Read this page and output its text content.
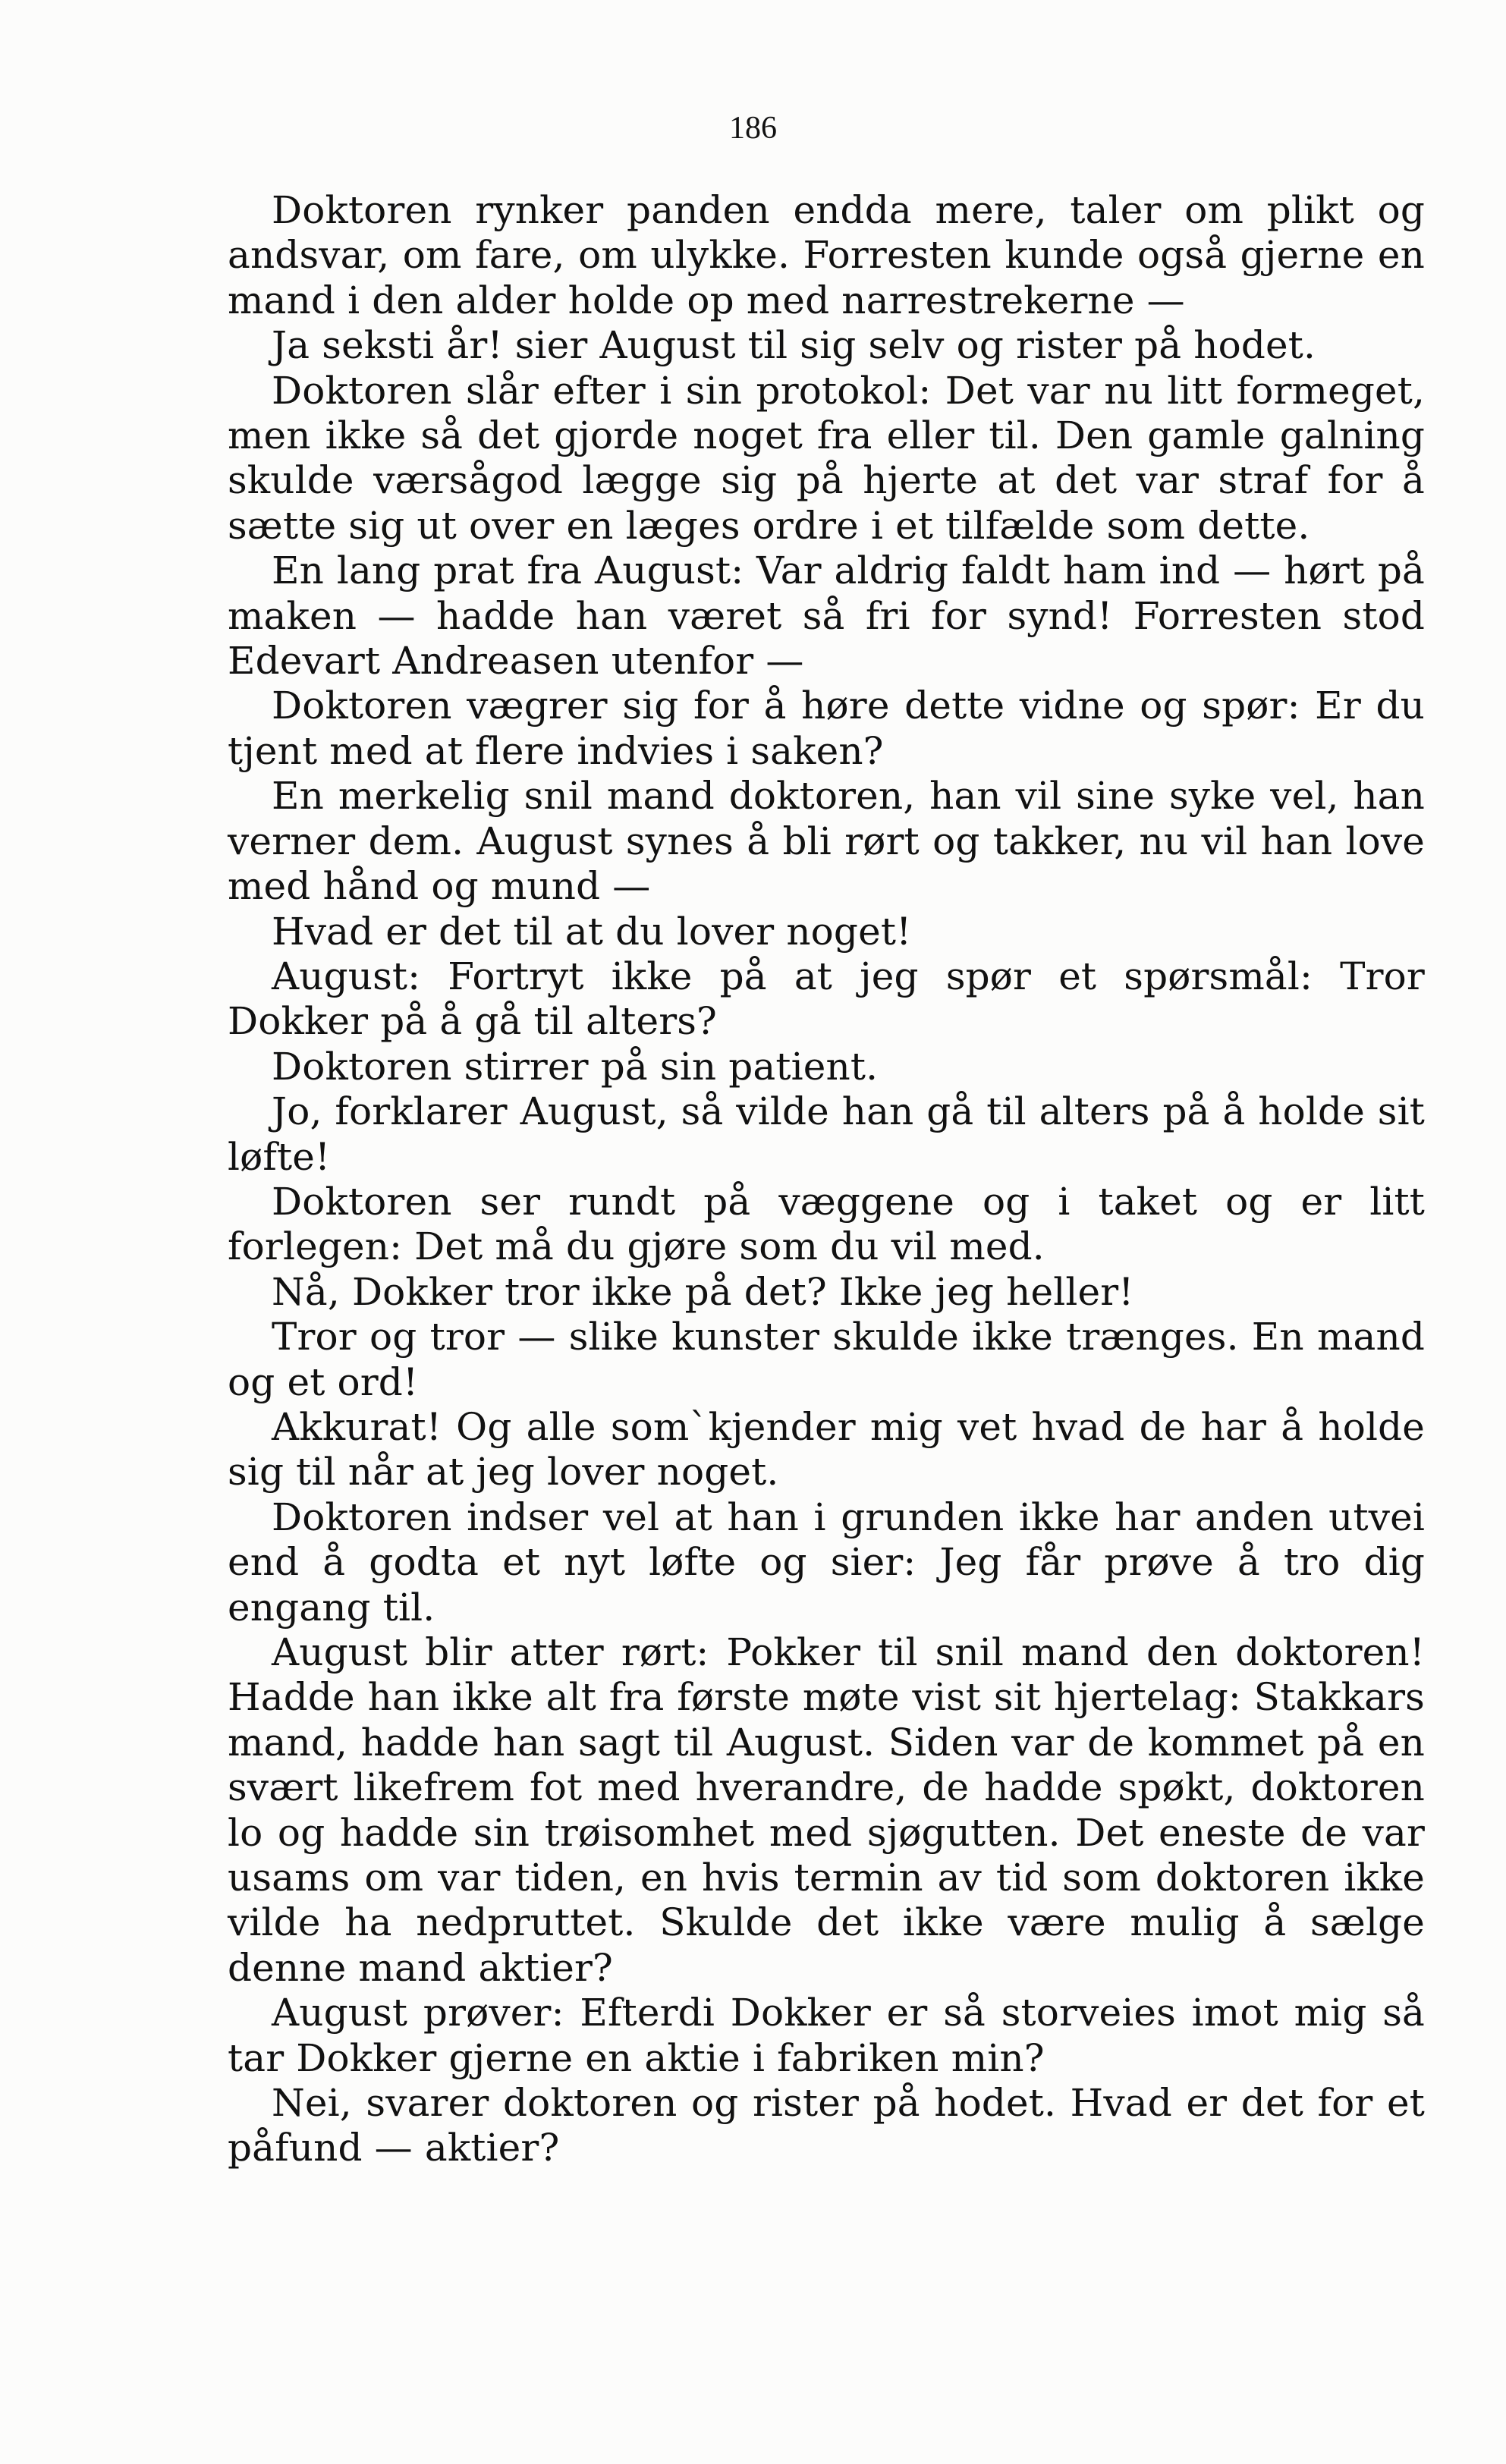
186

Doktoren rynker panden endda mere, taler om plikt og andsvar, om fare, om ulykke. Forresten kunde også gjerne en mand i den alder holde op med narrestrekerne —

Ja seksti år! sier August til sig selv og rister på hodet.

Doktoren slår efter i sin protokol: Det var nu litt formeget, men ikke så det gjorde noget fra eller til. Den gamle galning skulde værsågod lægge sig på hjerte at det var straf for å sætte sig ut over en læges ordre i et tilfælde som dette.

En lang prat fra August: Var aldrig faldt ham ind — hørt på maken — hadde han været så fri for synd! Forresten stod Edevart Andreasen utenfor —

Doktoren vægrer sig for å høre dette vidne og spør: Er du tjent med at flere indvies i saken?

En merkelig snil mand doktoren, han vil sine syke vel, han verner dem. August synes å bli rørt og takker, nu vil han love med hånd og mund —

Hvad er det til at du lover noget!

August: Fortryt ikke på at jeg spør et spørsmål: Tror Dokker på å gå til alters?

Doktoren stirrer på sin patient.

Jo, forklarer August, så vilde han gå til alters på å holde sit løfte!

Doktoren ser rundt på væggene og i taket og er litt forlegen: Det må du gjøre som du vil med.

Nå, Dokker tror ikke på det? Ikke jeg heller!

Tror og tror — slike kunster skulde ikke trænges. En mand og et ord!

Akkurat! Og alle som`kjender mig vet hvad de har å holde sig til når at jeg lover noget.

Doktoren indser vel at han i grunden ikke har anden utvei end å godta et nyt løfte og sier: Jeg får prøve å tro dig engang til.

August blir atter rørt: Pokker til snil mand den doktoren! Hadde han ikke alt fra første møte vist sit hjertelag: Stakkars mand, hadde han sagt til August. Siden var de kommet på en svært likefrem fot med hverandre, de hadde spøkt, doktoren lo og hadde sin trøisomhet med sjøgutten. Det eneste de var usams om var tiden, en hvis termin av tid som doktoren ikke vilde ha nedpruttet. Skulde det ikke være mulig å sælge denne mand aktier?

August prøver: Efterdi Dokker er så storveies imot mig så tar Dokker gjerne en aktie i fabriken min?

Nei, svarer doktoren og rister på hodet. Hvad er det for et påfund — aktier?
